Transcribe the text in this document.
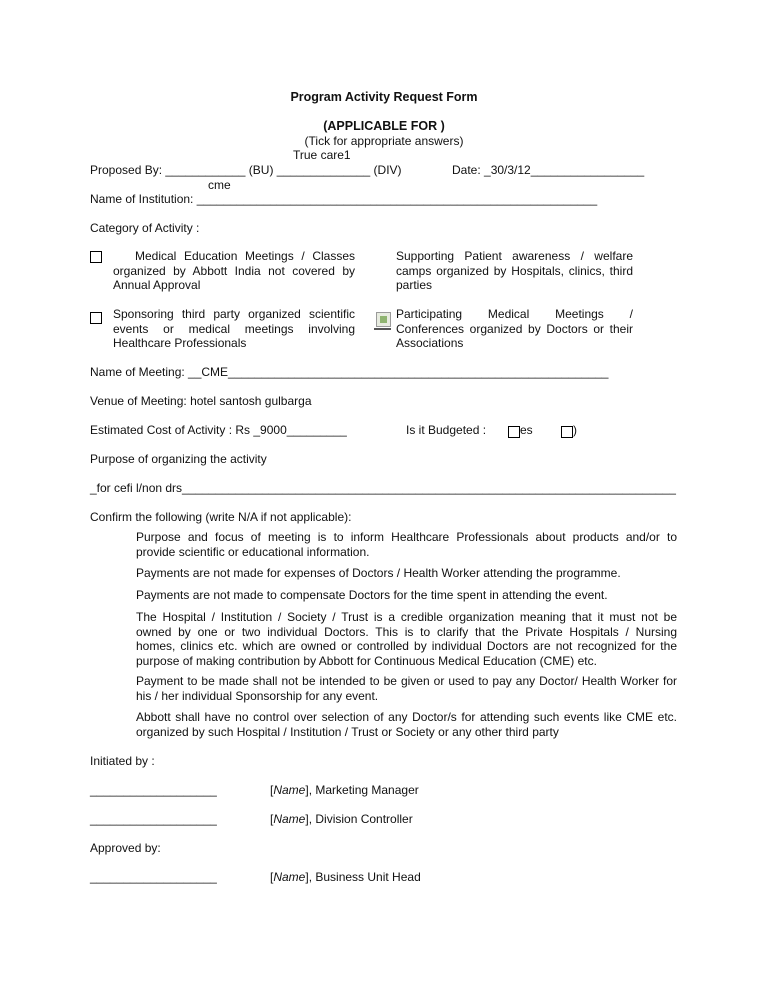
Program Activity Request Form
(APPLICABLE FOR )
(Tick for appropriate answers)
True care1
Proposed By: ____________ (BU) ______________ (DIV)	Date: _30/3/12_________________
cme
Name of Institution: ____________________________________________________________
Category of Activity :
Medical Education Meetings / Classes
organized by Abbott India not covered by
Annual Approval
Supporting Patient awareness / welfare
camps organized by Hospitals, clinics, third
parties
Sponsoring third party organized scientific
events or medical meetings involving
Healthcare Professionals
Participating Medical Meetings /
Conferences organized by Doctors or their
Associations
Name of Meeting: __CME_________________________________________________________
Venue of Meeting: hotel santosh gulbarga
Estimated Cost of Activity : Rs _9000_________	Is it Budgeted :	es	)
Purpose of organizing the activity
_for cefi l/non drs__________________________________________________________________________
Confirm the following (write N/A if not applicable):
Purpose and focus of meeting is to inform Healthcare Professionals about products and/or to
provide scientific or educational information.
Payments are not made for expenses of Doctors / Health Worker attending the programme.
Payments are not made to compensate Doctors for the time spent in attending the event.
The Hospital / Institution / Society / Trust is a credible organization meaning that it must not be
owned by one or two individual Doctors. This is to clarify that the Private Hospitals / Nursing
homes, clinics etc. which are owned or controlled by individual Doctors are not recognized for the
purpose of making contribution by Abbott for Continuous Medical Education (CME) etc.
Payment to be made shall not be intended to be given or used to pay any Doctor/ Health Worker for
his / her individual Sponsorship for any event.
Abbott shall have no control over selection of any Doctor/s for attending such events like CME etc.
organized by such Hospital / Institution / Trust or Society or any other third party
Initiated by :
___________________	[Name], Marketing Manager
___________________	[Name], Division Controller
Approved by:
___________________	[Name], Business Unit Head
